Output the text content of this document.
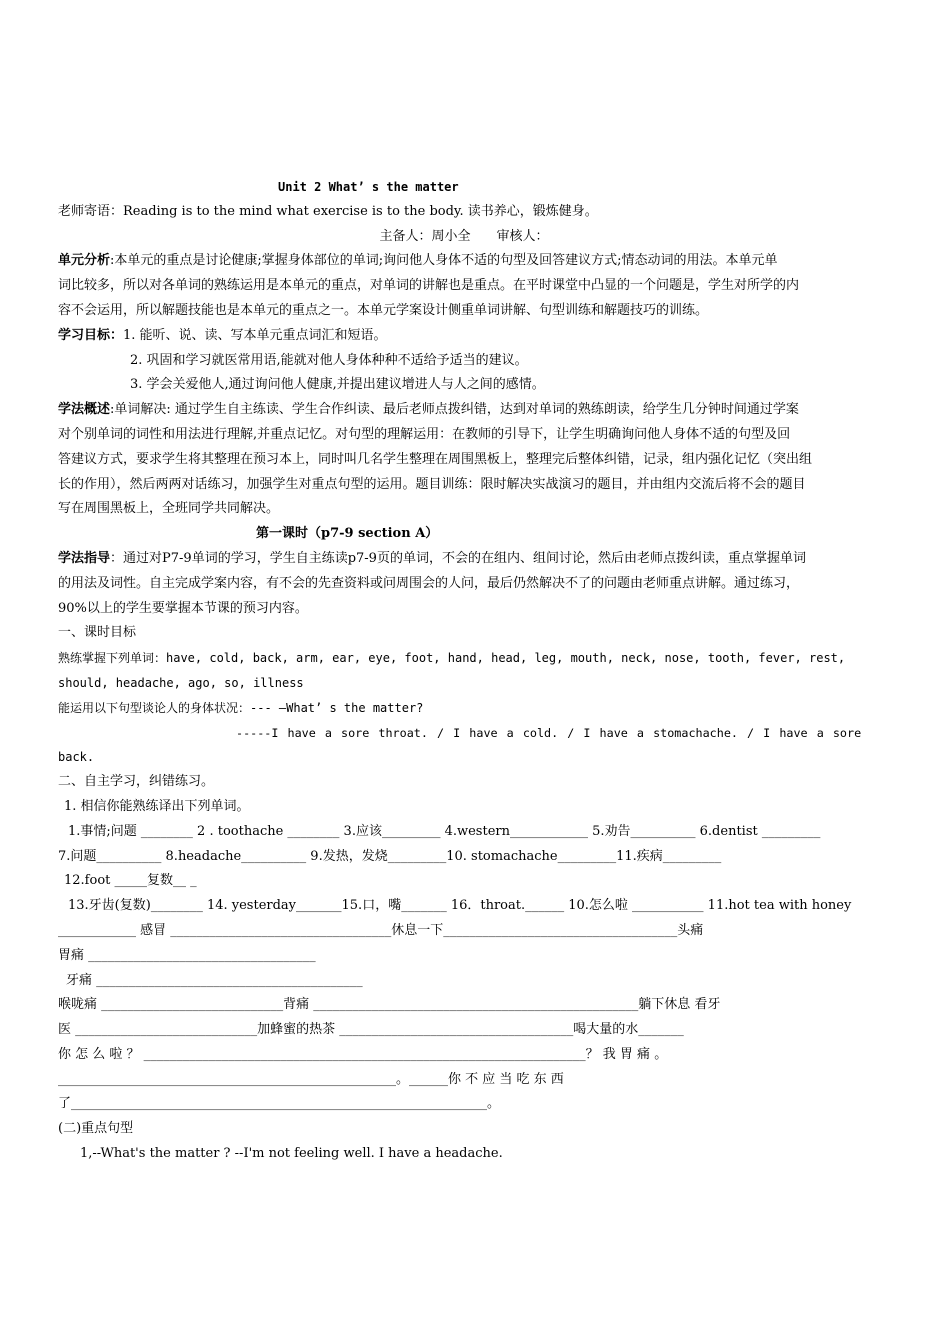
Unit 2 What’ s the matter
老师寄语：Reading is to the mind what exercise is to the body. 读书养心，锻炼健身。
主备人：周小全　　审核人：
单元分析:本单元的重点是讨论健康;掌握身体部位的单词;询问他人身体不适的句型及回答建议方式;情态动词的用法。本单元单
词比较多，所以对各单词的熟练运用是本单元的重点，对单词的讲解也是重点。在平时课堂中凸显的一个问题是，学生对所学的内
容不会运用，所以解题技能也是本单元的重点之一。本单元学案设计侧重单词讲解、句型训练和解题技巧的训练。
学习目标：1. 能听、说、读、写本单元重点词汇和短语。
2. 巩固和学习就医常用语,能就对他人身体种种不适给予适当的建议。
3. 学会关爱他人,通过询问他人健康,并提出建议增进人与人之间的感情。
学法概述:单词解决: 通过学生自主练读、学生合作纠读、最后老师点拨纠错，达到对单词的熟练朗读，给学生几分钟时间通过学案
对个别单词的词性和用法进行理解,并重点记忆。对句型的理解运用：在教师的引导下，让学生明确询问他人身体不适的句型及回
答建议方式，要求学生将其整理在预习本上，同时叫几名学生整理在周围黑板上，整理完后整体纠错，记录，组内强化记忆（突出组
长的作用），然后两两对话练习，加强学生对重点句型的运用。题目训练：限时解决实战演习的题目，并由组内交流后将不会的题目
写在周围黑板上，全班同学共同解决。
第一课时（p7-9 section A）
学法指导：通过对P7-9单词的学习，学生自主练读p7-9页的单词，不会的在组内、组间讨论，然后由老师点拨纠读，重点掌握单词
的用法及词性。自主完成学案内容，有不会的先查资料或问周围会的人问，最后仍然解决不了的问题由老师重点讲解。通过练习，
90%以上的学生要掌握本节课的预习内容。
一、课时目标
熟练掌握下列单词：have, cold, back, arm, ear, eye, foot, hand, head, leg, mouth, neck, nose, tooth, fever, rest,
should, headache, ago, so, illness
能运用以下句型谈论人的身体状况：--- —What’ s the matter?
-----I have a sore throat. / I have a cold. / I have a stomachache. / I have a sore
back.
二、自主学习，纠错练习。
1. 相信你能熟练译出下列单词。
1.事情;问题 ________ 2 . toothache ________ 3.应该_________ 4.western____________ 5.劝告__________ 6.dentist _________
7.问题__________ 8.headache__________ 9.发热，发烧_________10. stomachache_________11.疾病_________
12.foot _____复数__ _
13.牙齿(复数)________ 14. yesterday_______15.口，嘴_______ 16．throat.______ 10.怎么啦 ___________ 11.hot tea with honey
____________ 感冒 __________________________________休息一下____________________________________头痛
胃痛 ___________________________________
牙痛 _________________________________________
喉咙痛 ____________________________背痛 __________________________________________________躺下休息 看牙
医 ____________________________加蜂蜜的热茶 ____________________________________喝大量的水_______
你 怎 么 啦 ？ ____________________________________________________________________？ 我 胃 痛 。
____________________________________________________。______你 不 应 当 吃 东 西
了________________________________________________________________。
(二)重点句型
1,--What's the matter ? --I'm not feeling well. I have a headache.
